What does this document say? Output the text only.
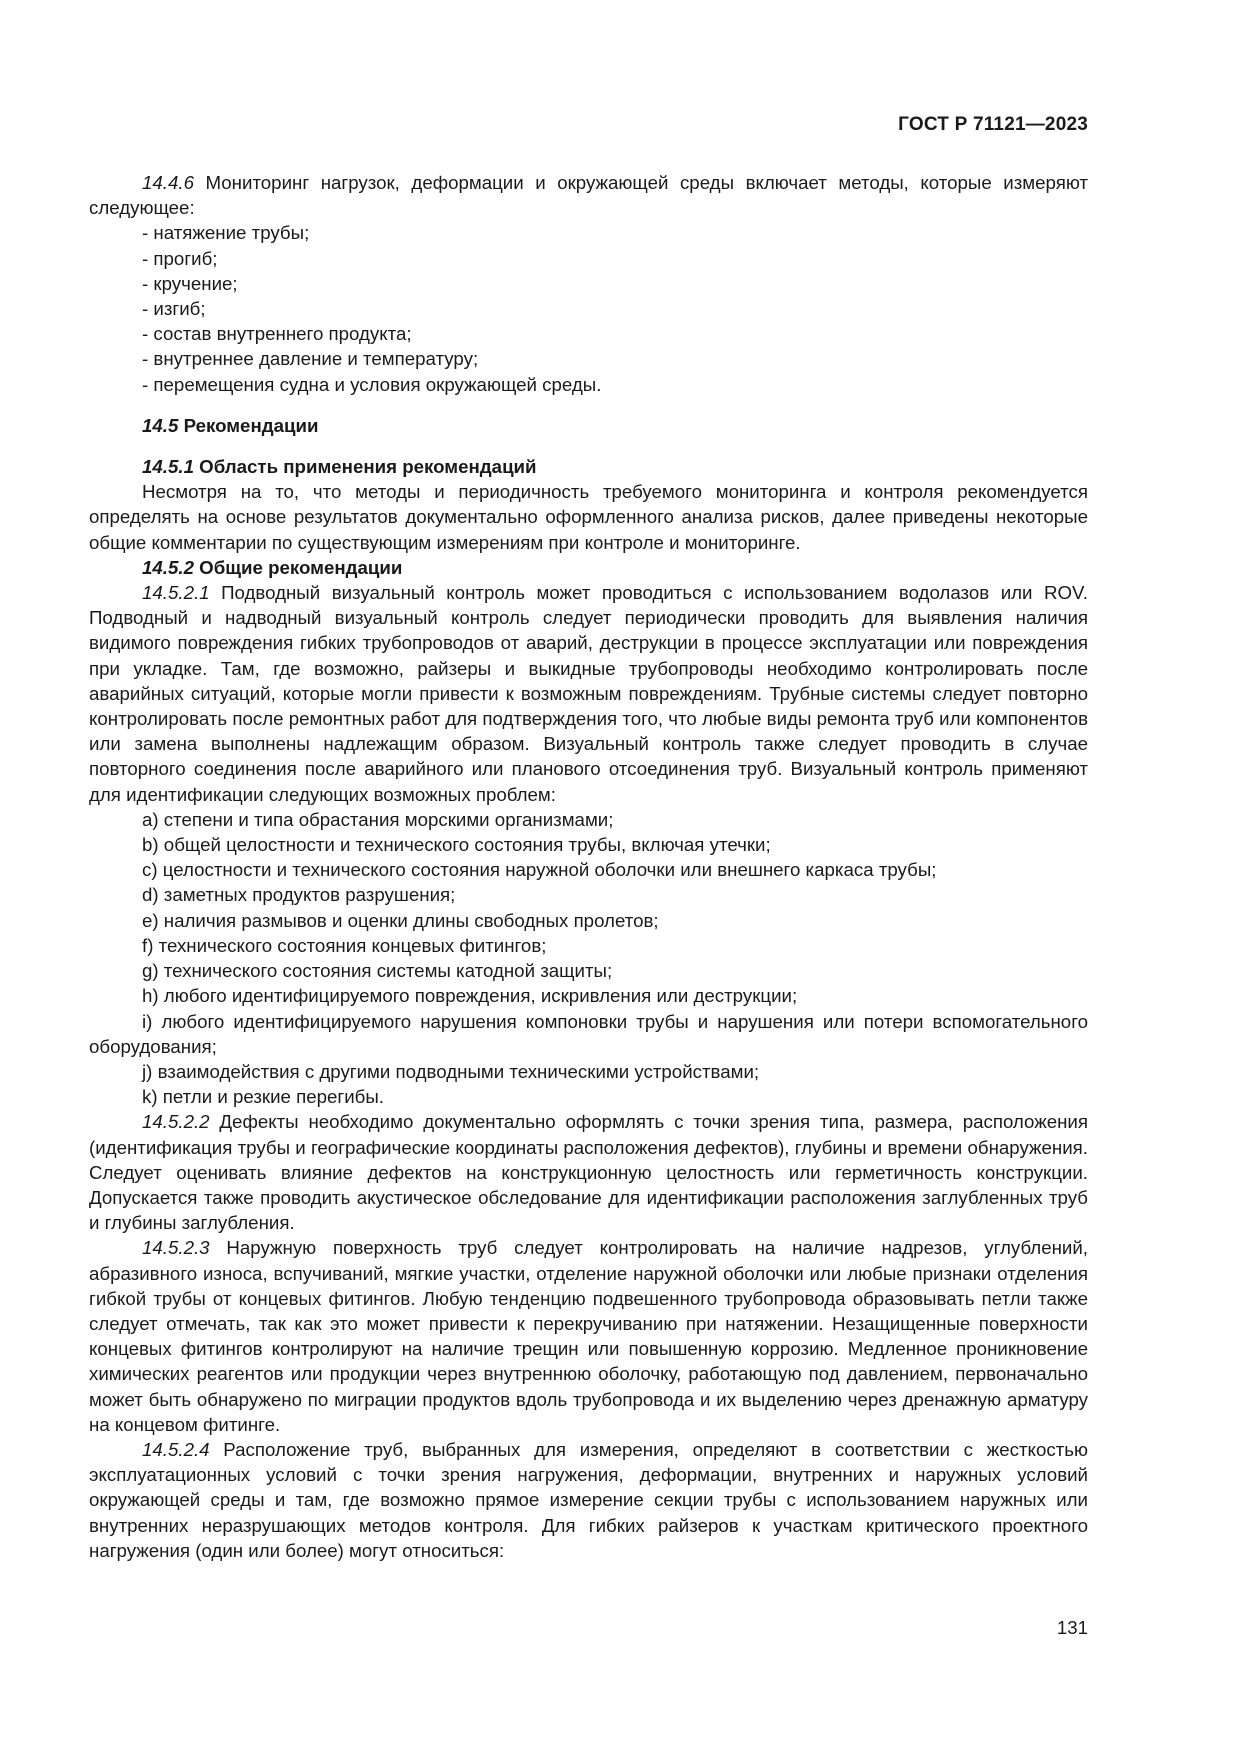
ГОСТ Р 71121—2023

14.4.6 Мониторинг нагрузок, деформации и окружающей среды включает методы, которые измеряют следующее:

- натяжение трубы;
- прогиб;
- кручение;
- изгиб;
- состав внутреннего продукта;
- внутреннее давление и температуру;
- перемещения судна и условия окружающей среды.
14.5 Рекомендации
14.5.1 Область применения рекомендаций

Несмотря на то, что методы и периодичность требуемого мониторинга и контроля рекомендуется определять на основе результатов документально оформленного анализа рисков, далее приведены некоторые общие комментарии по существующим измерениям при контроле и мониторинге.

14.5.2 Общие рекомендации

14.5.2.1 Подводный визуальный контроль может проводиться с использованием водолазов или ROV. Подводный и надводный визуальный контроль следует периодически проводить для выявления наличия видимого повреждения гибких трубопроводов от аварий, деструкции в процессе эксплуатации или повреждения при укладке. Там, где возможно, райзеры и выкидные трубопроводы необходимо контролировать после аварийных ситуаций, которые могли привести к возможным повреждениям. Трубные системы следует повторно контролировать после ремонтных работ для подтверждения того, что любые виды ремонта труб или компонентов или замена выполнены надлежащим образом. Визуальный контроль также следует проводить в случае повторного соединения после аварийного или планового отсоединения труб. Визуальный контроль применяют для идентификации следующих возможных проблем:

а) степени и типа обрастания морскими организмами;
b) общей целостности и технического состояния трубы, включая утечки;
c) целостности и технического состояния наружной оболочки или внешнего каркаса трубы;
d) заметных продуктов разрушения;
e) наличия размывов и оценки длины свободных пролетов;
f) технического состояния концевых фитингов;
g) технического состояния системы катодной защиты;
h) любого идентифицируемого повреждения, искривления или деструкции;

i) любого идентифицируемого нарушения компоновки трубы и нарушения или потери вспомогательного оборудования;

j) взаимодействия с другими подводными техническими устройствами;
k) петли и резкие перегибы.

14.5.2.2 Дефекты необходимо документально оформлять с точки зрения типа, размера, расположения (идентификация трубы и географические координаты расположения дефектов), глубины и времени обнаружения. Следует оценивать влияние дефектов на конструкционную целостность или герметичность конструкции. Допускается также проводить акустическое обследование для идентификации расположения заглубленных труб и глубины заглубления.

14.5.2.3 Наружную поверхность труб следует контролировать на наличие надрезов, углублений, абразивного износа, вспучиваний, мягкие участки, отделение наружной оболочки или любые признаки отделения гибкой трубы от концевых фитингов. Любую тенденцию подвешенного трубопровода образовывать петли также следует отмечать, так как это может привести к перекручиванию при натяжении. Незащищенные поверхности концевых фитингов контролируют на наличие трещин или повышенную коррозию. Медленное проникновение химических реагентов или продукции через внутреннюю оболочку, работающую под давлением, первоначально может быть обнаружено по миграции продуктов вдоль трубопровода и их выделению через дренажную арматуру на концевом фитинге.

14.5.2.4 Расположение труб, выбранных для измерения, определяют в соответствии с жесткостью эксплуатационных условий с точки зрения нагружения, деформации, внутренних и наружных условий окружающей среды и там, где возможно прямое измерение секции трубы с использованием наружных или внутренних неразрушающих методов контроля. Для гибких райзеров к участкам критического проектного нагружения (один или более) могут относиться:

131
